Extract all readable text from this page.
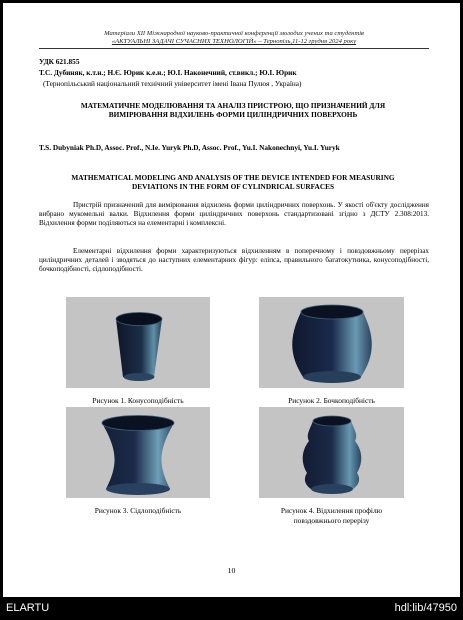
Матеріали ХІІ Міжнародної науково-практичної конференції молодих учених та студентів
«АКТУАЛЬНІ ЗАДАЧІ СУЧАСНИХ ТЕХНОЛОГІЙ» – Тернопіль,11-12 грудня 2024 року
УДК 621.855
Т.С. Дубиняк, к.т.н.; Н.Є. Юрик к.е.н.; Ю.І. Наконечний, ст.викл.; Ю.І. Юрик
(Тернопільський національний технічний університет імені Івана Пулюя , Україна)
МАТЕМАТИЧНЕ МОДЕЛЮВАННЯ ТА АНАЛІЗ ПРИСТРОЮ, ЩО ПРИЗНАЧЕНИЙ ДЛЯ ВИМІРЮВАННЯ ВІДХИЛЕНЬ ФОРМИ ЦИЛІНДРИЧНИХ ПОВЕРХОНЬ
T.S. Dubyniak Ph.D, Assoc. Prof., N.Ie. Yuryk Ph.D, Assoc. Prof., Yu.I. Nakonechnyi, Yu.I. Yuryk
MATHEMATICAL MODELING AND ANALYSIS OF THE DEVICE INTENDED FOR MEASURING DEVIATIONS IN THE FORM OF CYLINDRICAL SURFACES
Пристрій призначений для вимірювання відхилень форми циліндричних поверхонь. У якості об'єкту дослідження вибрано мукомельні валки. Відхилення форми циліндричних поверхонь стандартизовані згідно з ДСТУ 2.308:2013. Відхилення форми поділяються на елементарні і комплексні.
Елементарні відхилення форми характеризуються відхиленням в поперечному і повздовжньому перерізах циліндричних деталей і зводяться до наступних елементарних фігур: еліпса, правильного багатокутника, конусоподібності, бочкоподібності, сідлоподібності.
Рисунок 1. Конусоподібність	Рисунок 2. Бочкоподібність
Рисунок 3. Сідлоподібність	Рисунок 4. Відхилення профілю
повздовжнього перерізу
10
ELARTU	hdl:lib/47950
